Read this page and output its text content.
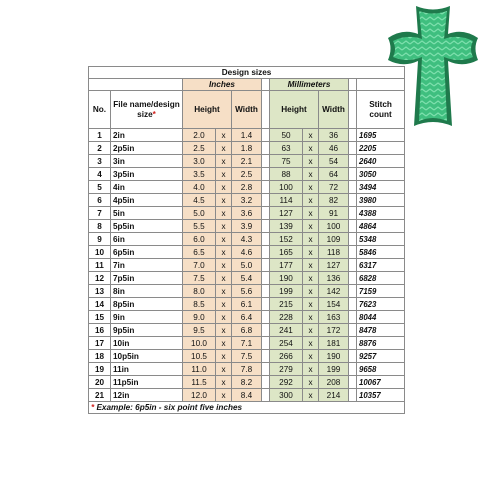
Design sizes										
		Inches				Millimeters				
No.	File name/design size*	Height		Width		Height		Width		Stitch count
1	2in	2.0	x	1.4		50	x	36		1695
2	2p5in	2.5	x	1.8		63	x	46		2205
3	3in	3.0	x	2.1		75	x	54		2640
4	3p5in	3.5	x	2.5		88	x	64		3050
5	4in	4.0	x	2.8		100	x	72		3494
6	4p5in	4.5	x	3.2		114	x	82		3980
7	5in	5.0	x	3.6		127	x	91		4388
8	5p5in	5.5	x	3.9		139	x	100		4864
9	6in	6.0	x	4.3		152	x	109		5348
10	6p5in	6.5	x	4.6		165	x	118		5846
11	7in	7.0	x	5.0		177	x	127		6317
12	7p5in	7.5	x	5.4		190	x	136		6828
13	8in	8.0	x	5.6		199	x	142		7159
14	8p5in	8.5	x	6.1		215	x	154		7623
15	9in	9.0	x	6.4		228	x	163		8044
16	9p5in	9.5	x	6.8		241	x	172		8478
17	10in	10.0	x	7.1		254	x	181		8876
18	10p5in	10.5	x	7.5		266	x	190		9257
19	11in	11.0	x	7.8		279	x	199		9658
20	11p5in	11.5	x	8.2		292	x	208		10067
21	12in	12.0	x	8.4		300	x	214		10357
* Example: 6p5in - six point five inches										
